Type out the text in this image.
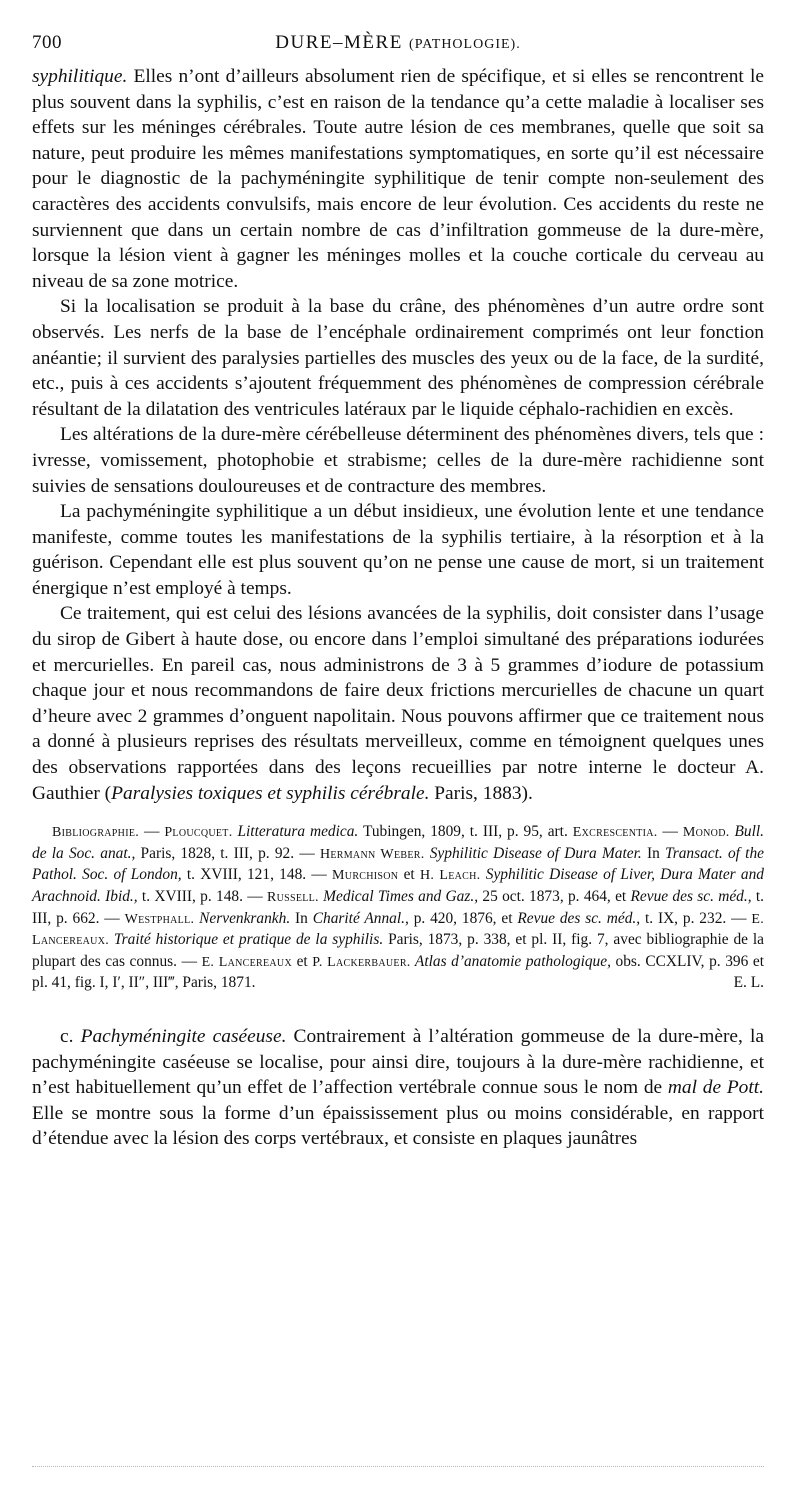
700	DURE–MÈRE (PATHOLOGIE).

syphilitique. Elles n’ont d’ailleurs absolument rien de spécifique, et si elles se rencontrent le plus souvent dans la syphilis, c’est en raison de la tendance qu’a cette maladie à localiser ses effets sur les méninges cérébrales. Toute autre lésion de ces membranes, quelle que soit sa nature, peut produire les mêmes manifestations symptomatiques, en sorte qu’il est nécessaire pour le diagnostic de la pachyméningite syphilitique de tenir compte non-seulement des caractères des accidents convulsifs, mais encore de leur évolution. Ces accidents du reste ne surviennent que dans un certain nombre de cas d’infiltration gommeuse de la dure-mère, lorsque la lésion vient à gagner les méninges molles et la couche corticale du cerveau au niveau de sa zone motrice.

Si la localisation se produit à la base du crâne, des phénomènes d’un autre ordre sont observés. Les nerfs de la base de l’encéphale ordinairement comprimés ont leur fonction anéantie; il survient des paralysies partielles des muscles des yeux ou de la face, de la surdité, etc., puis à ces accidents s’ajoutent fréquemment des phénomènes de compression cérébrale résultant de la dilatation des ventricules latéraux par le liquide céphalo-rachidien en excès.

Les altérations de la dure-mère cérébelleuse déterminent des phénomènes divers, tels que : ivresse, vomissement, photophobie et strabisme; celles de la dure-mère rachidienne sont suivies de sensations douloureuses et de contracture des membres.

La pachyméningite syphilitique a un début insidieux, une évolution lente et une tendance manifeste, comme toutes les manifestations de la syphilis tertiaire, à la résorption et à la guérison. Cependant elle est plus souvent qu’on ne pense une cause de mort, si un traitement énergique n’est employé à temps.

Ce traitement, qui est celui des lésions avancées de la syphilis, doit consister dans l’usage du sirop de Gibert à haute dose, ou encore dans l’emploi simultané des préparations iodurées et mercurielles. En pareil cas, nous administrons de 3 à 5 grammes d’iodure de potassium chaque jour et nous recommandons de faire deux frictions mercurielles de chacune un quart d’heure avec 2 grammes d’onguent napolitain. Nous pouvons affirmer que ce traitement nous a donné à plusieurs reprises des résultats merveilleux, comme en témoignent quelques unes des observations rapportées dans des leçons recueillies par notre interne le docteur A. Gauthier (Paralysies toxiques et syphilis cérébrale. Paris, 1883).

Bibliographie. — Ploucquet. Litteratura medica. Tubingen, 1809, t. III, p. 95, art. Excrescentia. — Monod. Bull. de la Soc. anat., Paris, 1828, t. III, p. 92. — Hermann Weber. Syphilitic Disease of Dura Mater. In Transact. of the Pathol. Soc. of London, t. XVIII, 121, 148. — Murchison et H. Leach. Syphilitic Disease of Liver, Dura Mater and Arachnoid. Ibid., t. XVIII, p. 148. — Russell. Medical Times and Gaz., 25 oct. 1873, p. 464, et Revue des sc. méd., t. III, p. 662. — Westphall. Nervenkrankh. In Charité Annal., p. 420, 1876, et Revue des sc. méd., t. IX, p. 232. — E. Lancereaux. Traité historique et pratique de la syphilis. Paris, 1873, p. 338, et pl. II, fig. 7, avec bibliographie de la plupart des cas connus. — E. Lancereaux et P. Lackerbauer. Atlas d’anatomie pathologique, obs. CCXLIV, p. 396 et pl. 41, fig. I, I′, II″, III‴, Paris, 1871.	E. L.

c. Pachyméningite caséeuse. Contrairement à l’altération gommeuse de la dure-mère, la pachyméningite caséeuse se localise, pour ainsi dire, toujours à la dure-mère rachidienne, et n’est habituellement qu’un effet de l’affection vertébrale connue sous le nom de mal de Pott. Elle se montre sous la forme d’un épaississement plus ou moins considérable, en rapport d’étendue avec la lésion des corps vertébraux, et consiste en plaques jaunâtres
